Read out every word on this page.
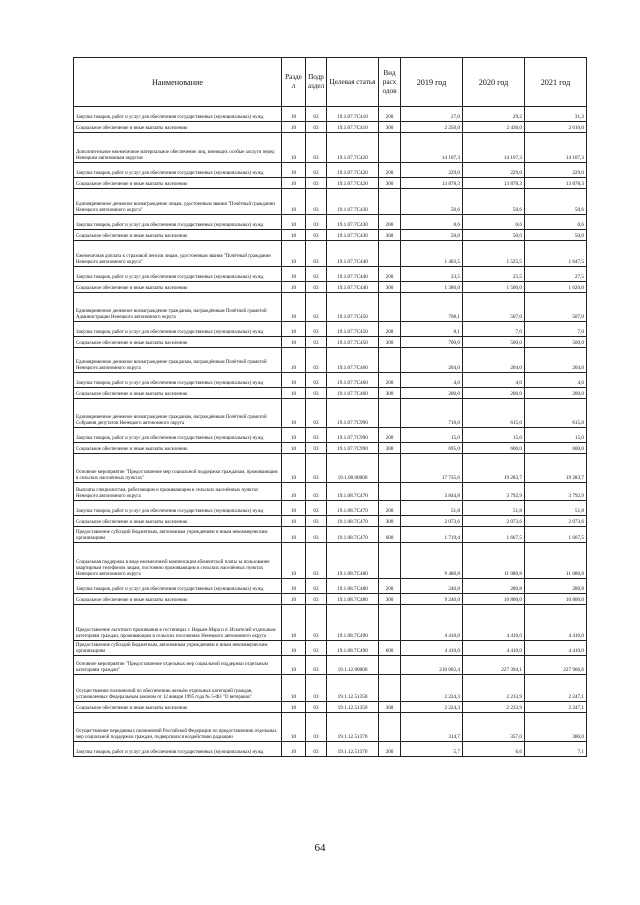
Наименование	Разде л	Подр аздел	Целевая статья	Вид расх одов	2019 год	2020 год	2021 год
Закупка товаров, работ и услуг для обеспечения государственных (муниципальных) нужд	10	03	19.1.07.7С410	200	27,0	29,2	31,3
Социальное обеспечение и иные выплаты населению	10	03	19.1.07.7С410	300	2 250,0	2 430,0	2 610,0
Дополнительное ежемесячное материальное обеспечение лиц, имеющих особые заслуги перед Ненецким автономным округом	10	03	19.1.07.7С420		14 107,3	14 107,3	14 107,3
Закупка товаров, работ и услуг для обеспечения государственных (муниципальных) нужд	10	03	19.1.07.7С420	200	229,0	229,0	229,0
Социальное обеспечение и иные выплаты населению	10	03	19.1.07.7С420	300	13 878,3	13 878,3	13 878,3
Единовременное денежное вознаграждение лицам, удостоенным звания "Почётный гражданин Ненецкого автономного округа"	10	03	19.1.07.7С430		50,6	50,6	50,6
Закупка товаров, работ и услуг для обеспечения государственных (муниципальных) нужд	10	03	19.1.07.7С430	200	0,6	0,6	0,6
Социальное обеспечение и иные выплаты населению	10	03	19.1.07.7С430	300	50,0	50,0	50,0
Ежемесячная доплата к страховой пенсии лицам, удостоенным звания "Почётный гражданин Ненецкого автономного округа"	10	03	19.1.07.7С440		1 403,5	1 525,5	1 647,5
Закупка товаров, работ и услуг для обеспечения государственных (муниципальных) нужд	10	03	19.1.07.7С440	200	23,5	25,5	27,5
Социальное обеспечение и иные выплаты населению	10	03	19.1.07.7С440	300	1 380,0	1 500,0	1 620,0
Единовременное денежное вознаграждение гражданам, награждённым Почётной грамотой Администрации Ненецкого автономного округа	10	03	19.1.07.7С450		708,1	507,0	507,0
Закупка товаров, работ и услуг для обеспечения государственных (муниципальных) нужд	10	03	19.1.07.7С450	200	8,1	7,0	7,0
Социальное обеспечение и иные выплаты населению	10	03	19.1.07.7С450	300	700,0	500,0	500,0
Единовременное денежное вознаграждение гражданам, награждённым Почётной грамотой Ненецкого автономного округа	10	03	19.1.07.7С460		204,0	204,0	204,0
Закупка товаров, работ и услуг для обеспечения государственных (муниципальных) нужд	10	03	19.1.07.7С460	200	4,0	4,0	4,0
Социальное обеспечение и иные выплаты населению	10	03	19.1.07.7С460	300	200,0	200,0	200,0
Единовременное денежное вознаграждение гражданам, награждённым Почётной грамотой Собрания депутатов Ненецкого автономного округа	10	03	19.1.07.7С990		710,0	615,0	615,0
Закупка товаров, работ и услуг для обеспечения государственных (муниципальных) нужд	10	03	19.1.07.7С990	200	15,0	15,0	15,0
Социальное обеспечение и иные выплаты населению	10	03	19.1.07.7С990	300	695,0	600,0	600,0
Основное мероприятие "Предоставление мер социальной поддержки гражданам, проживающим в сельских населённых пунктах"	10	03	19.1.08.00000		17 735,6	19 283,7	19 283,7
Выплаты специалистам, работающим и проживающим в сельских населённых пунктах Ненецкого автономного округа	10	03	19.1.08.7С470		3 844,8	3 792,9	3 792,9
Закупка товаров, работ и услуг для обеспечения государственных (муниципальных) нужд	10	03	19.1.08.7С470	200	51,8	51,8	51,8
Социальное обеспечение и иные выплаты населению	10	03	19.1.08.7С470	300	2 073,6	2 073,6	2 073,6
Предоставление субсидий бюджетным, автономным учреждениям и иным некоммерческим организациям	10	03	19.1.08.7С470	600	1 719,4	1 667,5	1 667,5
Социальная поддержка в виде ежемесячной компенсации абонентской платы за пользование квартирным телефоном лицам, постоянно проживающим в сельских населённых пунктах Ненецкого автономного округа	10	03	19.1.08.7С480		9 480,8	11 080,8	11 080,8
Закупка товаров, работ и услуг для обеспечения государственных (муниципальных) нужд	10	03	19.1.08.7С480	200	240,8	280,8	280,8
Социальное обеспечение и иные выплаты населению	10	03	19.1.08.7С480	300	9 240,0	10 800,0	10 800,0
Предоставление льготного проживания в гостиницах г. Нарьян-Мара и п. Искателей отдельным категориям граждан, проживающим в сельских поселениях Ненецкого автономного округа	10	03	19.1.08.7С490		4 410,0	4 410,0	4 410,0
Предоставление субсидий бюджетным, автономным учреждениям и иным некоммерческим организациям	10	03	19.1.08.7С490	600	4 410,0	4 410,0	4 410,0
Основное мероприятие "Предоставление отдельных мер социальной поддержки отдельным категориям граждан"	10	03	19.1.12.00000		210 002,4	227 394,1	227 966,6
Осуществление полномочий по обеспечению жильём отдельных категорий граждан, установленных Федеральным законом от 12 января 1995 года № 5-ФЗ "О ветеранах"	10	03	19.1.12.51350		2 224,3	2 233,9	2 247,1
Социальное обеспечение и иные выплаты населению	10	03	19.1.12.51350	300	2 224,3	2 233,9	2 247,1
Осуществление переданных полномочий Российской Федерации по предоставлению отдельных мер социальной поддержки граждан, подвергшихся воздействию радиации	10	03	19.1.12.51370		314,7	357,0	386,0
Закупка товаров, работ и услуг для обеспечения государственных (муниципальных) нужд	10	03	19.1.12.51370	200	5,7	6,6	7,1
64
